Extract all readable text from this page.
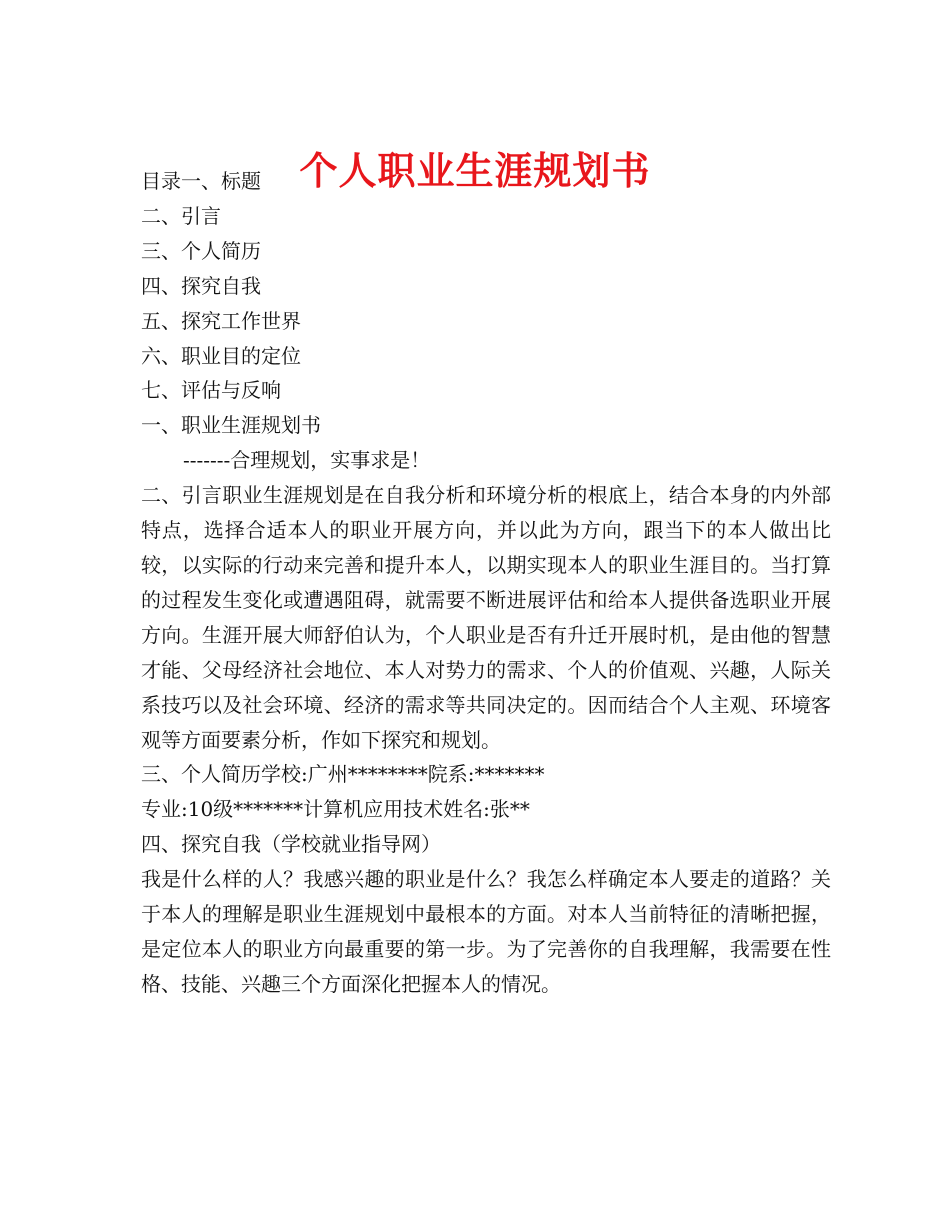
个人职业生涯规划书

目录一、标题

二、引言

三、个人简历

四、探究自我

五、探究工作世界

六、职业目的定位

七、评估与反响

一、职业生涯规划书

-------合理规划，实事求是！

二、引言职业生涯规划是在自我分析和环境分析的根底上，结合本身的内外部特点，选择合适本人的职业开展方向，并以此为方向，跟当下的本人做出比较，以实际的行动来完善和提升本人，以期实现本人的职业生涯目的。当打算的过程发生变化或遭遇阻碍，就需要不断进展评估和给本人提供备选职业开展方向。生涯开展大师舒伯认为，个人职业是否有升迁开展时机，是由他的智慧才能、父母经济社会地位、本人对势力的需求、个人的价值观、兴趣，人际关系技巧以及社会环境、经济的需求等共同决定的。因而结合个人主观、环境客观等方面要素分析，作如下探究和规划。

三、个人简历学校:广州********院系:*******

专业:10级*******计算机应用技术姓名:张**

四、探究自我（学校就业指导网）

我是什么样的人？我感兴趣的职业是什么？我怎么样确定本人要走的道路？关于本人的理解是职业生涯规划中最根本的方面。对本人当前特征的清晰把握，是定位本人的职业方向最重要的第一步。为了完善你的自我理解，我需要在性格、技能、兴趣三个方面深化把握本人的情况。
